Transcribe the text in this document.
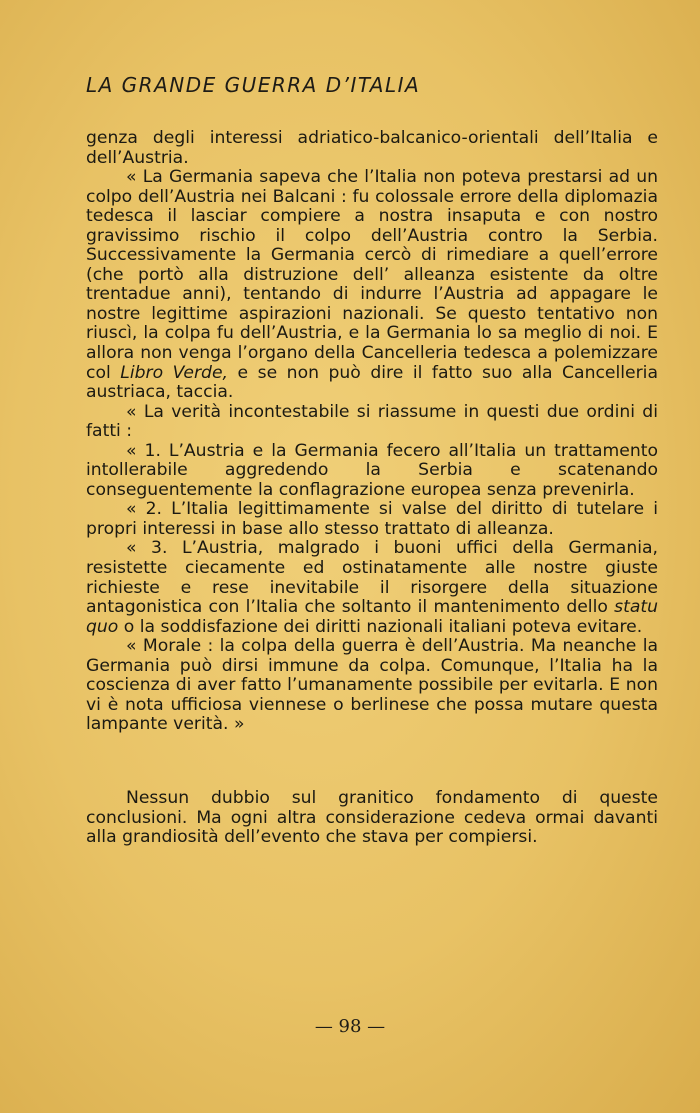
LA GRANDE GUERRA D’ITALIA

genza degli interessi adriatico-balcanico-orientali dell’Italia e dell’Austria.

« La Germania sapeva che l’Italia non poteva prestarsi ad un colpo dell’Austria nei Balcani : fu colossale errore della diplomazia tedesca il lasciar compiere a nostra insaputa e con nostro gravissimo rischio il colpo dell’Austria contro la Serbia. Successivamente la Germania cercò di rimediare a quell’errore (che portò alla distruzione dell’ alleanza esistente da oltre trentadue anni), tentando di indurre l’Austria ad appagare le nostre legittime aspirazioni nazionali. Se questo tentativo non riuscì, la colpa fu dell’Austria, e la Germania lo sa meglio di noi. E allora non venga l’organo della Cancelleria tedesca a polemizzare col Libro Verde, e se non può dire il fatto suo alla Cancelleria austriaca, taccia.

« La verità incontestabile si riassume in questi due ordini di fatti :

« 1. L’Austria e la Germania fecero all’Italia un trattamento intollerabile aggredendo la Serbia e scatenando conseguentemente la conflagrazione europea senza prevenirla.

« 2. L’Italia legittimamente si valse del diritto di tutelare i propri interessi in base allo stesso trattato di alleanza.

« 3. L’Austria, malgrado i buoni uffici della Germania, resistette ciecamente ed ostinatamente alle nostre giuste richieste e rese inevitabile il risorgere della situazione antagonistica con l’Italia che soltanto il mantenimento dello statu quo o la soddisfazione dei diritti nazionali italiani poteva evitare.

« Morale : la colpa della guerra è dell’Austria. Ma neanche la Germania può dirsi immune da colpa. Comunque, l’Italia ha la coscienza di aver fatto l’umanamente possibile per evitarla. E non vi è nota ufficiosa viennese o berlinese che possa mutare questa lampante verità. »

Nessun dubbio sul granitico fondamento di queste conclusioni. Ma ogni altra considerazione cedeva ormai davanti alla grandiosità dell’evento che stava per compiersi.

— 98 —
